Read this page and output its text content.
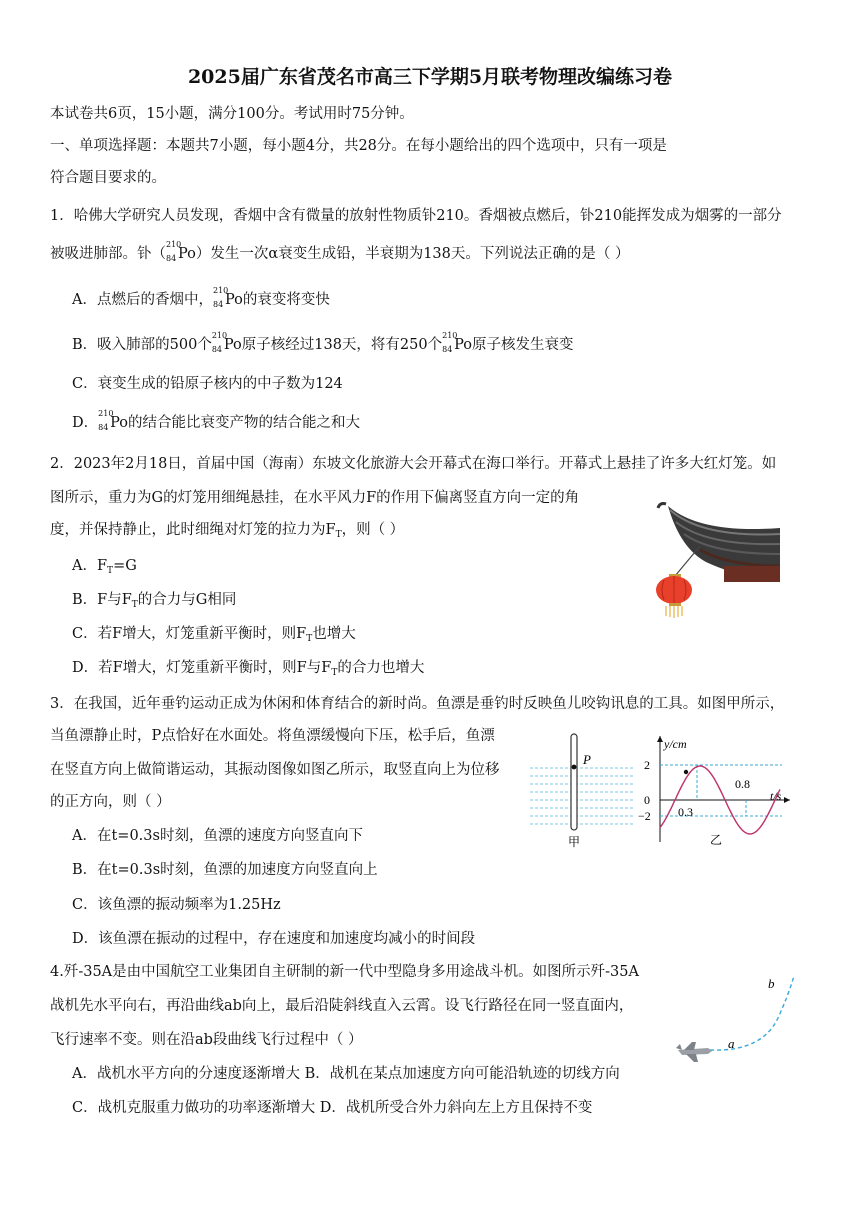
2025届广东省茂名市高三下学期5月联考物理改编练习卷
本试卷共6页，15小题，满分100分。考试用时75分钟。
一、单项选择题：本题共7小题，每小题4分，共28分。在每小题给出的四个选项中，只有一项是
符合题目要求的。
1．哈佛大学研究人员发现，香烟中含有微量的放射性物质钋210。香烟被点燃后，钋210能挥发成为烟雾的一部分
被吸进肺部。钋（
210
84 Po）发生一次α衰变生成铅，半衰期为138天。下列说法正确的是（ ）
A．点燃后的香烟中，
210
84 Po的衰变将变快
B．吸入肺部的500个
210
84 Po原子核经过138天，将有250个
210
84 Po原子核发生衰变
C．衰变生成的铅原子核内的中子数为124
D．
210
84 Po的结合能比衰变产物的结合能之和大
2．2023年2月18日，首届中国（海南）东坡文化旅游大会开幕式在海口举行。开幕式上悬挂了许多大红灯笼。如
图所示，重力为G的灯笼用细绳悬挂，在水平风力F的作用下偏离竖直方向一定的角
度，并保持静止，此时细绳对灯笼的拉力为$F_T$，则（ ）
A．$F_T=G$
B．F与$F_T$的合力与G相同
C．若F增大，灯笼重新平衡时，则$F_T$也增大
D．若F增大，灯笼重新平衡时，则F与$F_T$的合力也增大
3．在我国，近年垂钓运动正成为休闲和体育结合的新时尚。鱼漂是垂钓时反映鱼儿咬钩讯息的工具。如图甲所示，
当鱼漂静止时，P点恰好在水面处。将鱼漂缓慢向下压，松手后，鱼漂
在竖直方向上做简谐运动，其振动图像如图乙所示，取竖直向上为位移
的正方向，则（ ）
A．在t=0.3s时刻，鱼漂的速度方向竖直向下
B．在t=0.3s时刻，鱼漂的加速度方向竖直向上
C．该鱼漂的振动频率为1.25Hz
D．该鱼漂在振动的过程中，存在速度和加速度均减小的时间段
P
甲
y/cm
t/s
2
0
−2 0.3
0.8
乙
4.歼-35A是由中国航空工业集团自主研制的新一代中型隐身多用途战斗机。如图所示歼-35A
战机先水平向右，再沿曲线ab向上，最后沿陡斜线直入云霄。设飞行路径在同一竖直面内，
飞行速率不变。则在沿ab段曲线飞行过程中（ ）
A．战机水平方向的分速度逐渐增大 B．战机在某点加速度方向可能沿轨迹的切线方向
C．战机克服重力做功的功率逐渐增大 D．战机所受合外力斜向左上方且保持不变
a
b
